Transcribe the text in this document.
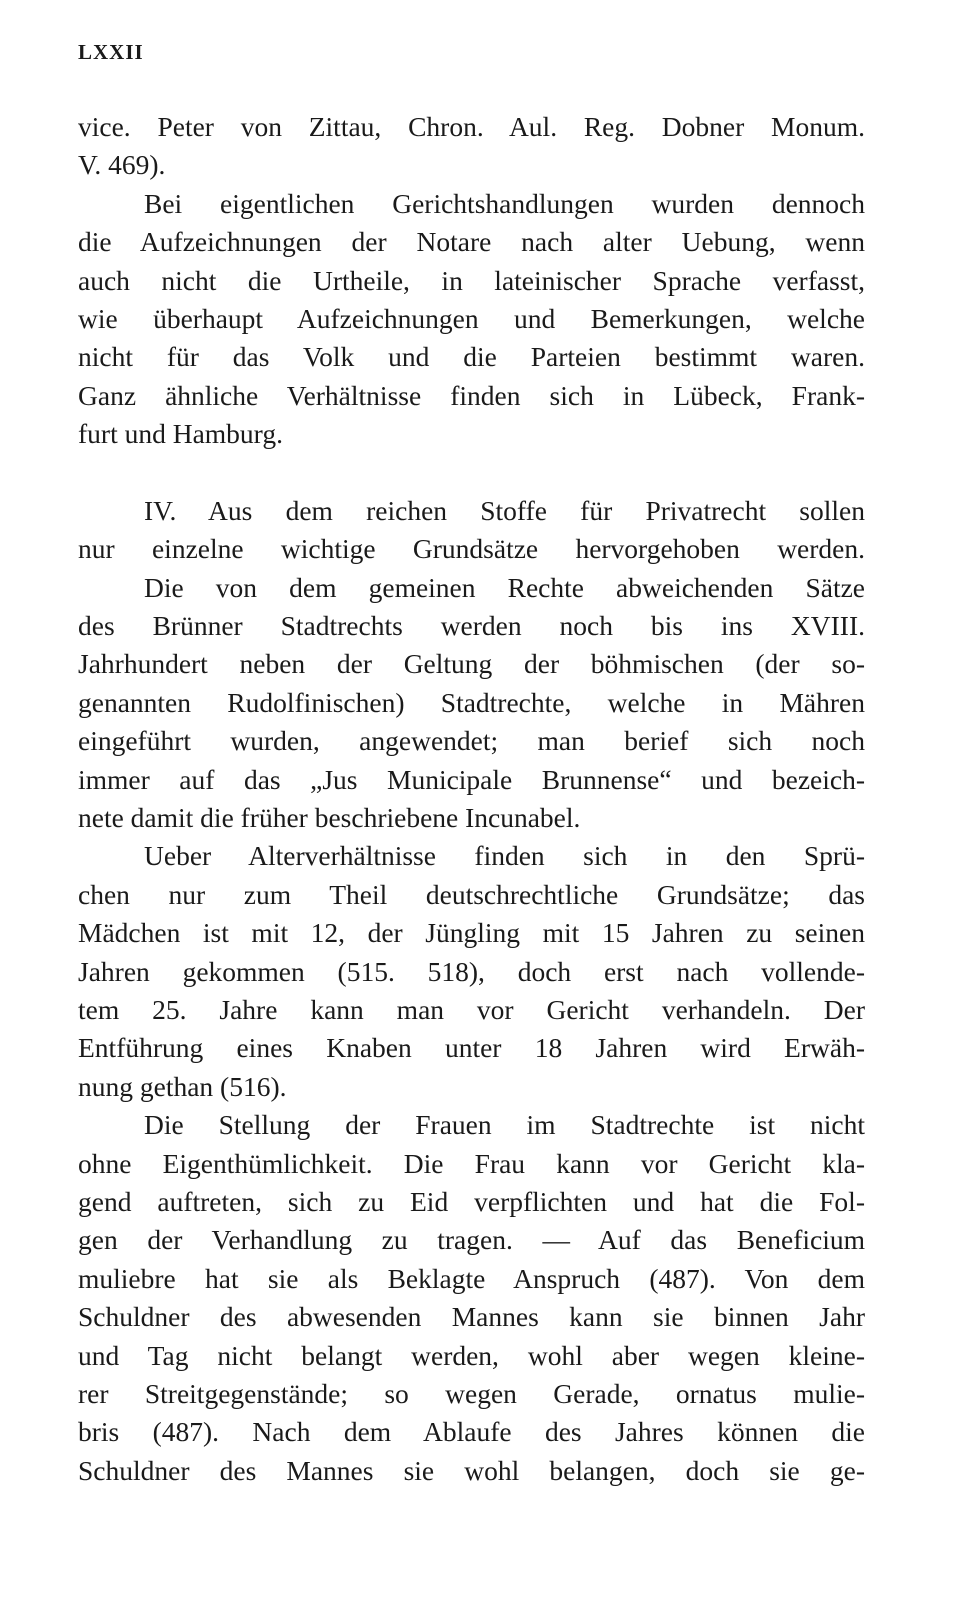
LXXII
vice. Peter von Zittau, Chron. Aul. Reg. Dobner Monum.
V. 469).
Bei eigentlichen Gerichtshandlungen wurden dennoch
die Aufzeichnungen der Notare nach alter Uebung, wenn
auch nicht die Urtheile, in lateinischer Sprache verfasst,
wie überhaupt Aufzeichnungen und Bemerkungen, welche
nicht für das Volk und die Parteien bestimmt waren.
Ganz ähnliche Verhältnisse finden sich in Lübeck, Frank-
furt und Hamburg.
IV. Aus dem reichen Stoffe für Privatrecht sollen
nur einzelne wichtige Grundsätze hervorgehoben werden.
Die von dem gemeinen Rechte abweichenden Sätze
des Brünner Stadtrechts werden noch bis ins XVIII.
Jahrhundert neben der Geltung der böhmischen (der so-
genannten Rudolfinischen) Stadtrechte, welche in Mähren
eingeführt wurden, angewendet; man berief sich noch
immer auf das „Jus Municipale Brunnense“ und bezeich-
nete damit die früher beschriebene Incunabel.
Ueber Alterverhältnisse finden sich in den Sprü-
chen nur zum Theil deutschrechtliche Grundsätze; das
Mädchen ist mit 12, der Jüngling mit 15 Jahren zu seinen
Jahren gekommen (515. 518), doch erst nach vollende-
tem 25. Jahre kann man vor Gericht verhandeln. Der
Entführung eines Knaben unter 18 Jahren wird Erwäh-
nung gethan (516).
Die Stellung der Frauen im Stadtrechte ist nicht
ohne Eigenthümlichkeit. Die Frau kann vor Gericht kla-
gend auftreten, sich zu Eid verpflichten und hat die Fol-
gen der Verhandlung zu tragen. — Auf das Beneficium
muliebre hat sie als Beklagte Anspruch (487). Von dem
Schuldner des abwesenden Mannes kann sie binnen Jahr
und Tag nicht belangt werden, wohl aber wegen kleine-
rer Streitgegenstände; so wegen Gerade, ornatus mulie-
bris (487). Nach dem Ablaufe des Jahres können die
Schuldner des Mannes sie wohl belangen, doch sie ge-
